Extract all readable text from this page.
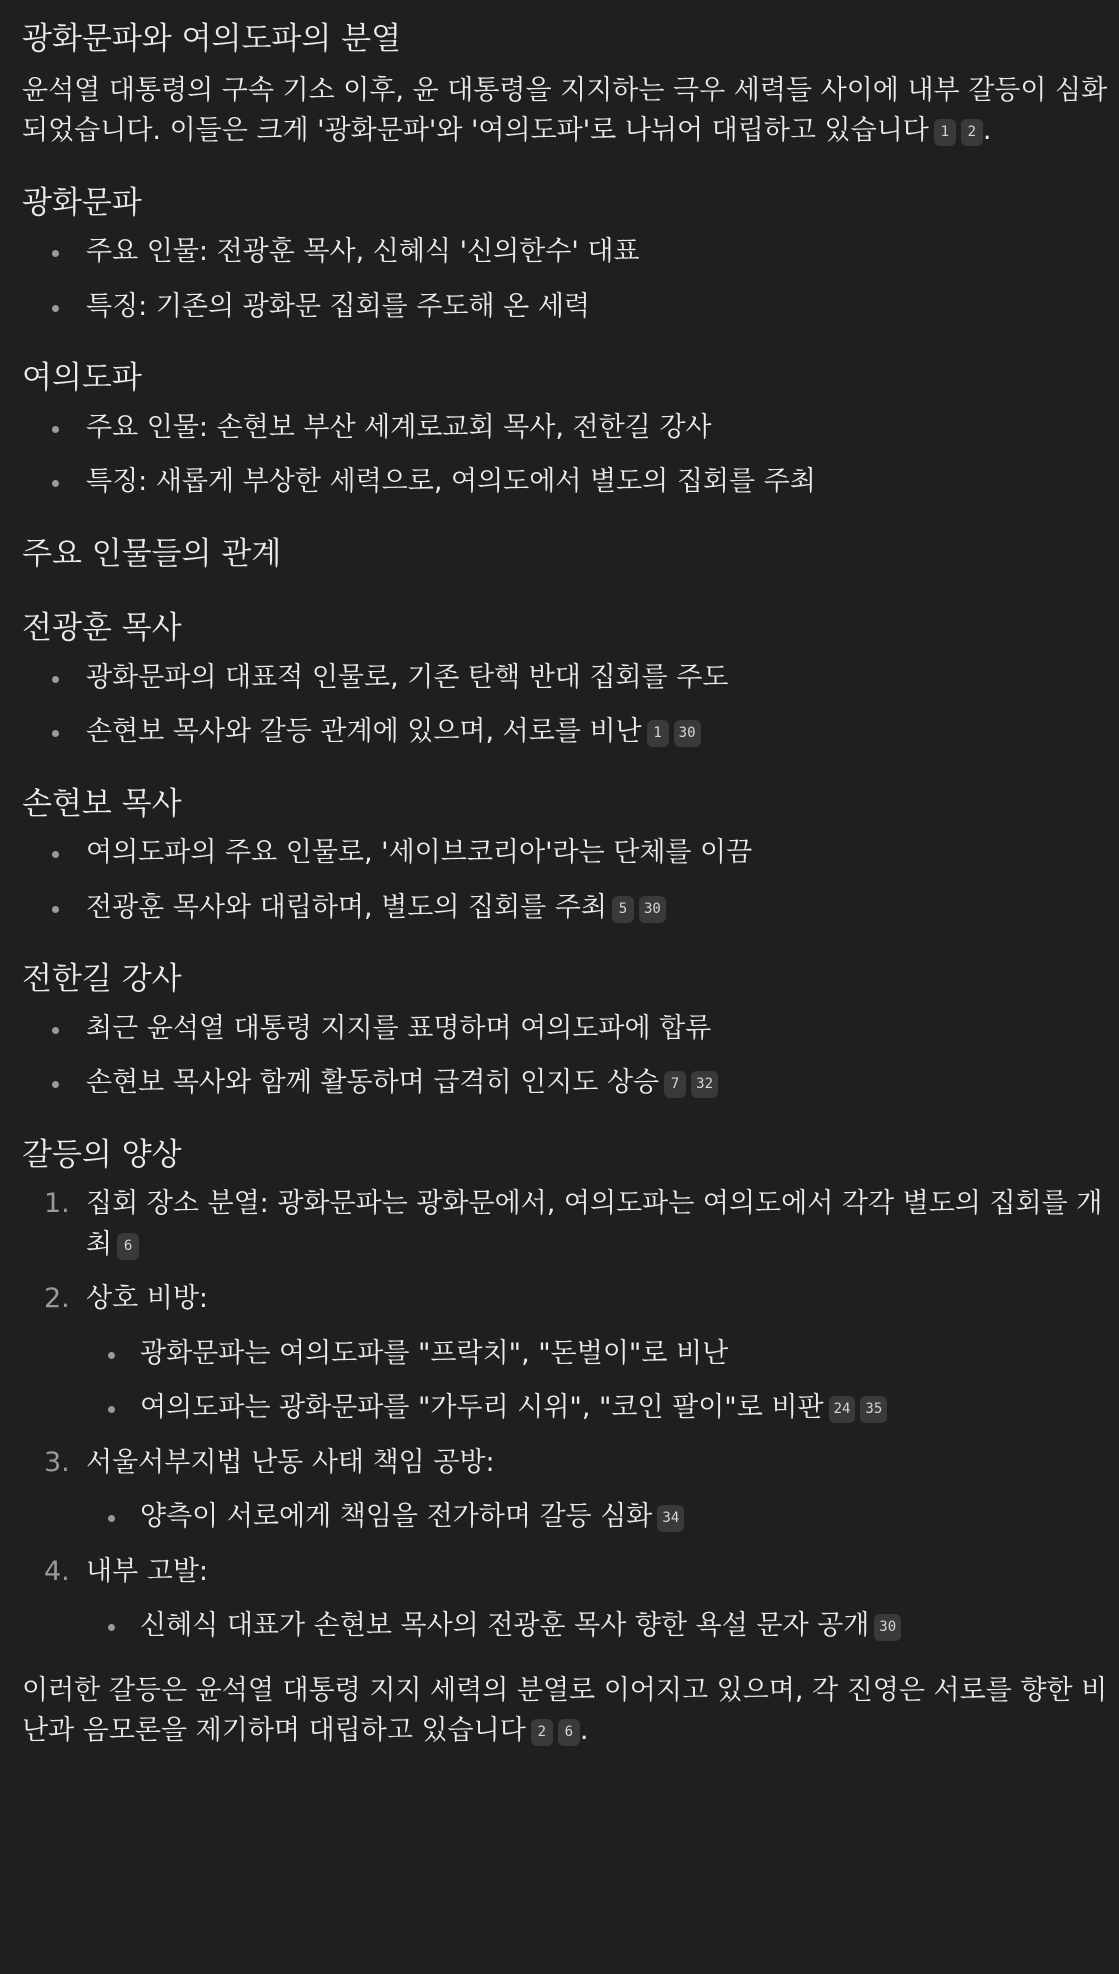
광화문파와 여의도파의 분열

윤석열 대통령의 구속 기소 이후, 윤 대통령을 지지하는 극우 세력들 사이에 내부 갈등이 심화되었습니다. 이들은 크게 '광화문파'와 '여의도파'로 나뉘어 대립하고 있습니다 1 2 .

광화문파
주요 인물: 전광훈 목사, 신혜식 '신의한수' 대표
특징: 기존의 광화문 집회를 주도해 온 세력
여의도파
주요 인물: 손현보 부산 세계로교회 목사, 전한길 강사
특징: 새롭게 부상한 세력으로, 여의도에서 별도의 집회를 주최
주요 인물들의 관계
전광훈 목사
광화문파의 대표적 인물로, 기존 탄핵 반대 집회를 주도
손현보 목사와 갈등 관계에 있으며, 서로를 비난 1 30
손현보 목사
여의도파의 주요 인물로, '세이브코리아'라는 단체를 이끔
전광훈 목사와 대립하며, 별도의 집회를 주최 5 30
전한길 강사
최근 윤석열 대통령 지지를 표명하며 여의도파에 합류
손현보 목사와 함께 활동하며 급격히 인지도 상승 7 32
갈등의 양상
1. 집회 장소 분열: 광화문파는 광화문에서, 여의도파는 여의도에서 각각 별도의 집회를 개최 6
2. 상호 비방:
광화문파는 여의도파를 "프락치", "돈벌이"로 비난
여의도파는 광화문파를 "가두리 시위", "코인 팔이"로 비판 24 35
3. 서울서부지법 난동 사태 책임 공방:
양측이 서로에게 책임을 전가하며 갈등 심화 34
4. 내부 고발:
신혜식 대표가 손현보 목사의 전광훈 목사 향한 욕설 문자 공개 30

이러한 갈등은 윤석열 대통령 지지 세력의 분열로 이어지고 있으며, 각 진영은 서로를 향한 비난과 음모론을 제기하며 대립하고 있습니다 2 6 .
